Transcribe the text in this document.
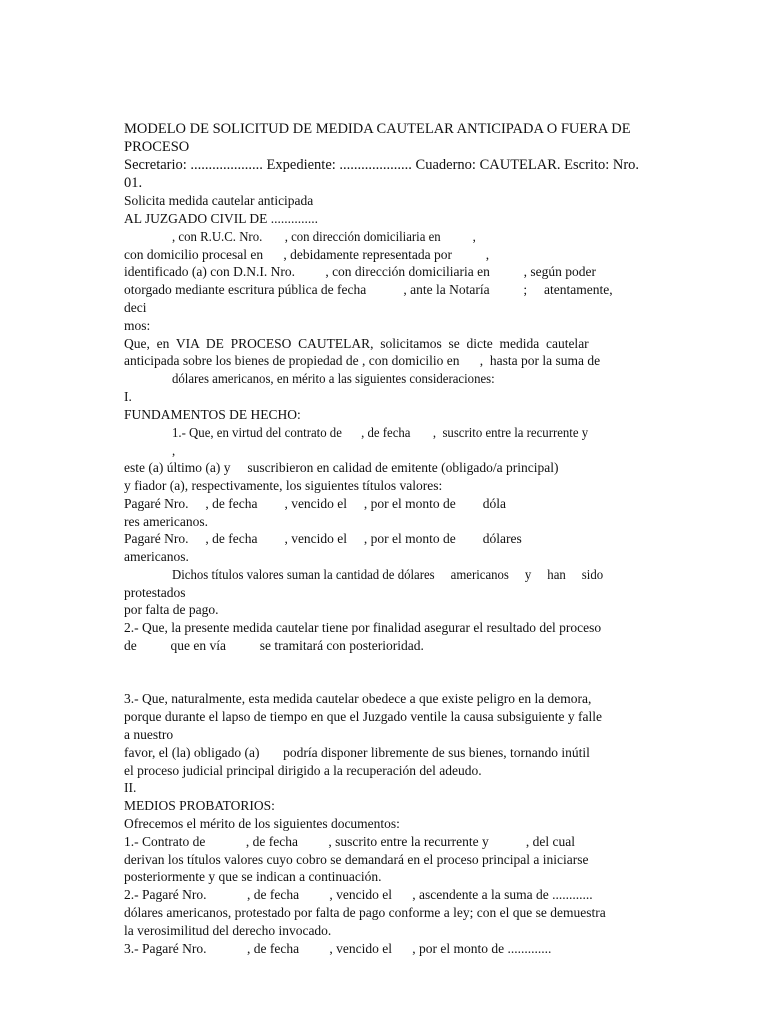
MODELO DE SOLICITUD DE MEDIDA CAUTELAR ANTICIPADA O FUERA DE
PROCESO
Secretario: .................... Expediente: .................... Cuaderno: CAUTELAR. Escrito: Nro.
01.
Solicita medida cautelar anticipada
AL JUZGADO CIVIL DE ..............
, con R.U.C. Nro.       , con dirección domiciliaria en          ,
con domicilio procesal en      , debidamente representada por          ,
identificado (a) con D.N.I. Nro.         , con dirección domiciliaria en          , según poder
otorgado mediante escritura pública de fecha           , ante la Notaría          ;     atentamente,
deci
mos:
Que,  en  VIA  DE  PROCESO  CAUTELAR,  solicitamos  se  dicte  medida  cautelar
anticipada sobre los bienes de propiedad de , con domicilio en      ,  hasta por la suma de
dólares americanos, en mérito a las siguientes consideraciones:
I.
FUNDAMENTOS DE HECHO:
1.- Que, en virtud del contrato de      , de fecha       ,  suscrito entre la recurrente y
,
este (a) último (a) y     suscribieron en calidad de emitente (obligado/a principal)
y fiador (a), respectivamente, los siguientes títulos valores:
Pagaré Nro.     , de fecha        , vencido el     , por el monto de        dóla
res americanos.
Pagaré Nro.     , de fecha        , vencido el     , por el monto de        dólares
americanos.
Dichos títulos valores suman la cantidad de dólares     americanos     y     han     sido
protestados
por falta de pago.
2.- Que, la presente medida cautelar tiene por finalidad asegurar el resultado del proceso
de          que en vía          se tramitará con posterioridad.
3.- Que, naturalmente, esta medida cautelar obedece a que existe peligro en la demora,
porque durante el lapso de tiempo en que el Juzgado ventile la causa subsiguiente y falle
a nuestro
favor, el (la) obligado (a)       podría disponer libremente de sus bienes, tornando inútil
el proceso judicial principal dirigido a la recuperación del adeudo.
II.
MEDIOS PROBATORIOS:
Ofrecemos el mérito de los siguientes documentos:
1.- Contrato de            , de fecha         , suscrito entre la recurrente y           , del cual
derivan los títulos valores cuyo cobro se demandará en el proceso principal a iniciarse
posteriormente y que se indican a continuación.
2.- Pagaré Nro.            , de fecha         , vencido el      , ascendente a la suma de ............
dólares americanos, protestado por falta de pago conforme a ley; con el que se demuestra
la verosimilitud del derecho invocado.
3.- Pagaré Nro.            , de fecha         , vencido el      , por el monto de .............
